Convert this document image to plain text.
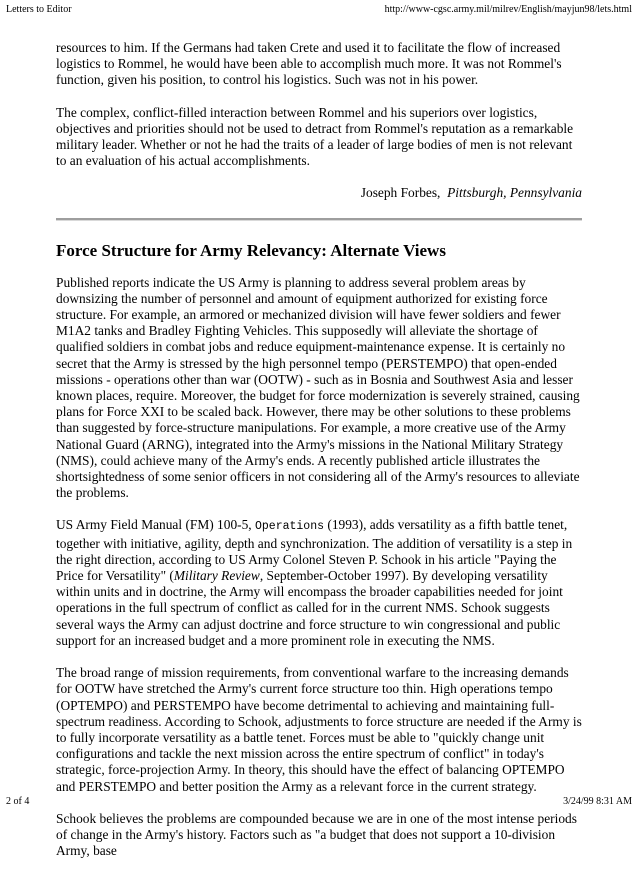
Letters to Editor	http://www-cgsc.army.mil/milrev/English/mayjun98/lets.html

resources to him. If the Germans had taken Crete and used it to facilitate the flow of increased logistics to Rommel, he would have been able to accomplish much more. It was not Rommel's function, given his position, to control his logistics. Such was not in his power.

The complex, conflict-filled interaction between Rommel and his superiors over logistics, objectives and priorities should not be used to detract from Rommel's reputation as a remarkable military leader. Whether or not he had the traits of a leader of large bodies of men is not relevant to an evaluation of his actual accomplishments.

Joseph Forbes, Pittsburgh, Pennsylvania

Force Structure for Army Relevancy: Alternate Views

Published reports indicate the US Army is planning to address several problem areas by downsizing the number of personnel and amount of equipment authorized for existing force structure. For example, an armored or mechanized division will have fewer soldiers and fewer M1A2 tanks and Bradley Fighting Vehicles. This supposedly will alleviate the shortage of qualified soldiers in combat jobs and reduce equipment-maintenance expense. It is certainly no secret that the Army is stressed by the high personnel tempo (PERSTEMPO) that open-ended missions - operations other than war (OOTW) - such as in Bosnia and Southwest Asia and lesser known places, require. Moreover, the budget for force modernization is severely strained, causing plans for Force XXI to be scaled back. However, there may be other solutions to these problems than suggested by force-structure manipulations. For example, a more creative use of the Army National Guard (ARNG), integrated into the Army's missions in the National Military Strategy (NMS), could achieve many of the Army's ends. A recently published article illustrates the shortsightedness of some senior officers in not considering all of the Army's resources to alleviate the problems.

US Army Field Manual (FM) 100-5, Operations (1993), adds versatility as a fifth battle tenet, together with initiative, agility, depth and synchronization. The addition of versatility is a step in the right direction, according to US Army Colonel Steven P. Schook in his article "Paying the Price for Versatility" (Military Review, September-October 1997). By developing versatility within units and in doctrine, the Army will encompass the broader capabilities needed for joint operations in the full spectrum of conflict as called for in the current NMS. Schook suggests several ways the Army can adjust doctrine and force structure to win congressional and public support for an increased budget and a more prominent role in executing the NMS.

The broad range of mission requirements, from conventional warfare to the increasing demands for OOTW have stretched the Army's current force structure too thin. High operations tempo (OPTEMPO) and PERSTEMPO have become detrimental to achieving and maintaining full-spectrum readiness. According to Schook, adjustments to force structure are needed if the Army is to fully incorporate versatility as a battle tenet. Forces must be able to "quickly change unit configurations and tackle the next mission across the entire spectrum of conflict" in today's strategic, force-projection Army. In theory, this should have the effect of balancing OPTEMPO and PERSTEMPO and better position the Army as a relevant force in the current strategy.

Schook believes the problems are compounded because we are in one of the most intense periods of change in the Army's history. Factors such as "a budget that does not support a 10-division Army, base

2 of 4	3/24/99 8:31 AM
